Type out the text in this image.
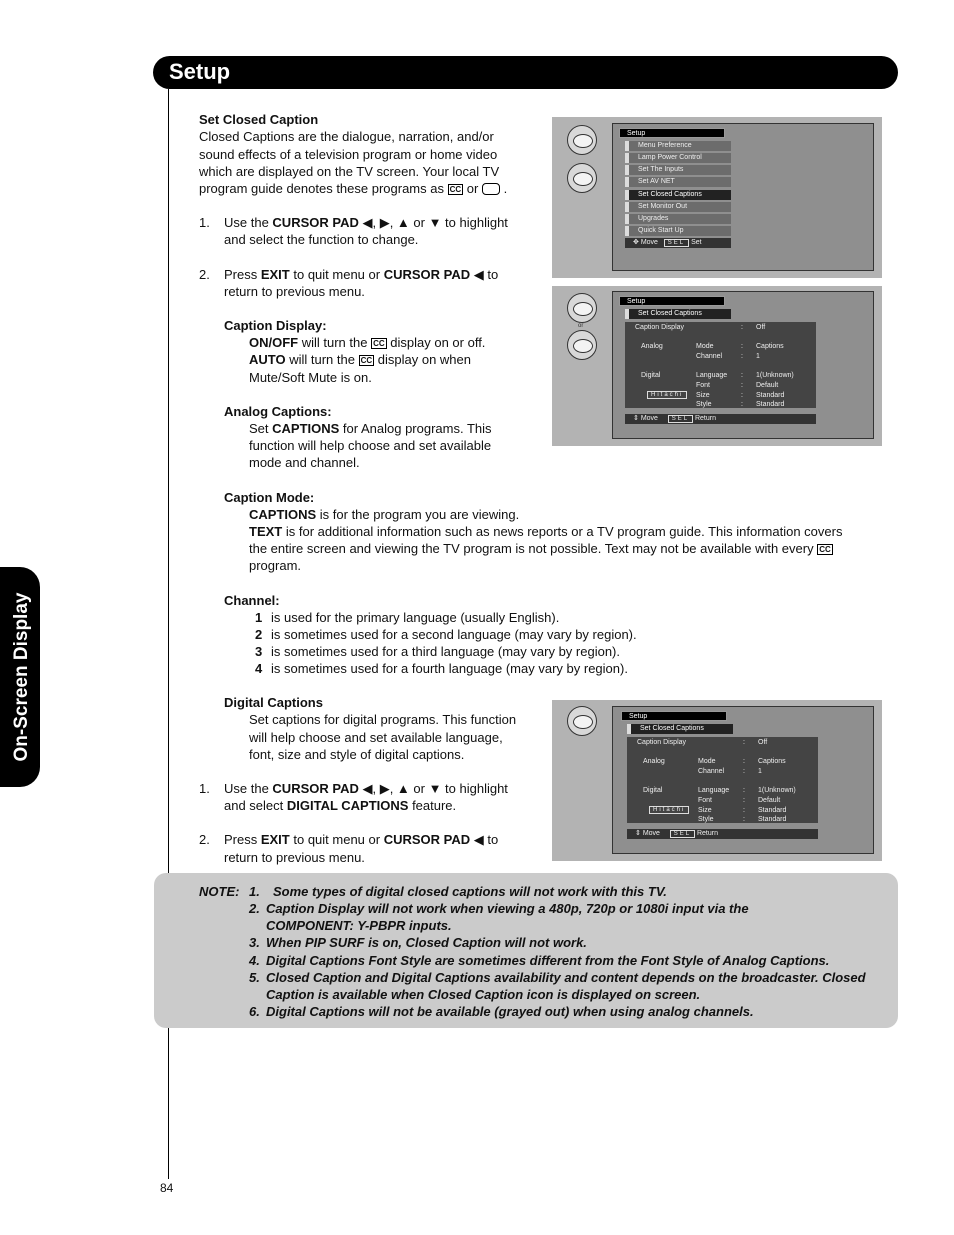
Setup
On-Screen Display
84
Set Closed Caption
Closed Captions are the dialogue, narration, and/or
sound effects of a television program or home video
which are displayed on the TV screen. Your local TV
program guide denotes these programs as CC or  .
1. Use the CURSOR PAD ◀, ▶, ▲ or ▼ to highlight
and select the function to change.
2. Press EXIT to quit menu or CURSOR PAD ◀ to
return to previous menu.
Caption Display:
ON/OFF will turn the CC display on or off.
AUTO will turn the CC display on when
Mute/Soft Mute is on.
Analog Captions:
Set CAPTIONS for Analog programs. This
function will help choose and set available
mode and channel.
Caption Mode:
CAPTIONS is for the program you are viewing.
TEXT is for additional information such as news reports or a TV program guide. This information covers
the entire screen and viewing the TV program is not possible. Text may not be available with every CC
program.
Channel:
1 is used for the primary language (usually English).
2 is sometimes used for a second language (may vary by region).
3 is sometimes used for a third language (may vary by region).
4 is sometimes used for a fourth language (may vary by region).
Digital Captions
Set captions for digital programs. This function
will help choose and set available language,
font, size and style of digital captions.
1. Use the CURSOR PAD ◀, ▶, ▲ or ▼ to highlight
and select DIGITAL CAPTIONS feature.
2. Press EXIT to quit menu or CURSOR PAD ◀ to
return to previous menu.
Setup
Menu Preference
Lamp Power Control
Set The Inputs
Set AV NET
Set Closed Captions
Set Monitor Out
Upgrades
Quick Start Up
✥ Move SEL Set
or
Setup
Set Closed Captions
Caption Display	: Off
Analog	Mode	: Captions
Channel	: 1
Digital	Language : 1(Unknown)
Font	: Default
Hitachi	Size	: Standard
Style	: Standard
⇕ Move SEL Return
Setup
Set Closed Captions
Caption Display	: Off
Analog	Mode	: Captions
Channel	: 1
Digital	Language : 1(Unknown)
Font	: Default
Hitachi	Size	: Standard
Style	: Standard
⇕ Move SEL Return
NOTE: 1. Some types of digital closed captions will not work with this TV.
2. Caption Display will not work when viewing a 480p, 720p or 1080i input via the
COMPONENT: Y-PBPR inputs.
3. When PIP SURF is on, Closed Caption will not work.
4. Digital Captions Font Style are sometimes different from the Font Style of Analog Captions.
5. Closed Caption and Digital Captions availability and content depends on the broadcaster. Closed
Caption is available when Closed Caption icon is displayed on screen.
6. Digital Captions will not be available (grayed out) when using analog channels.
